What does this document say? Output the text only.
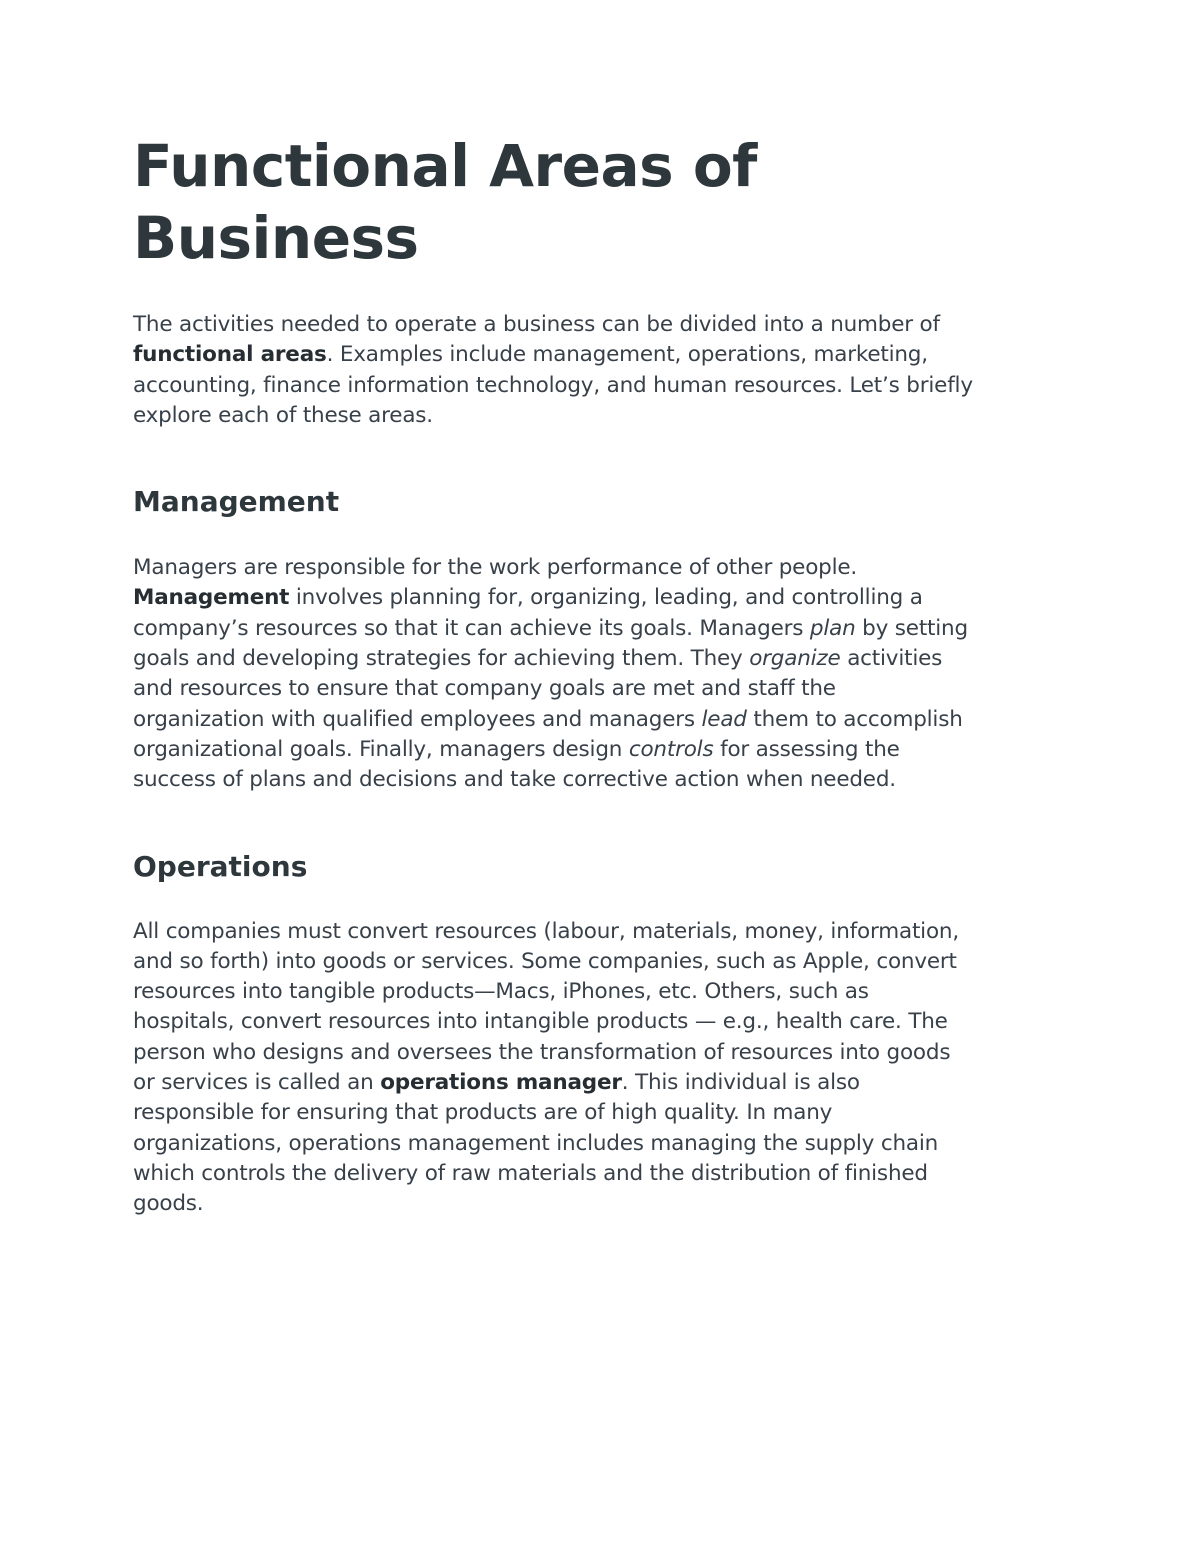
Functional Areas of Business

The activities needed to operate a business can be divided into a number of functional areas. Examples include management, operations, marketing, accounting, finance information technology, and human resources. Let’s briefly explore each of these areas.

Management

Managers are responsible for the work performance of other people. Management involves planning for, organizing, leading, and controlling a company’s resources so that it can achieve its goals. Managers plan by setting goals and developing strategies for achieving them. They organize activities and resources to ensure that company goals are met and staff the organization with qualified employees and managers lead them to accomplish organizational goals. Finally, managers design controls for assessing the success of plans and decisions and take corrective action when needed.

Operations

All companies must convert resources (labour, materials, money, information, and so forth) into goods or services. Some companies, such as Apple, convert resources into tangible products—Macs, iPhones, etc. Others, such as hospitals, convert resources into intangible products — e.g., health care. The person who designs and oversees the transformation of resources into goods or services is called an operations manager. This individual is also responsible for ensuring that products are of high quality. In many organizations, operations management includes managing the supply chain which controls the delivery of raw materials and the distribution of finished goods.
